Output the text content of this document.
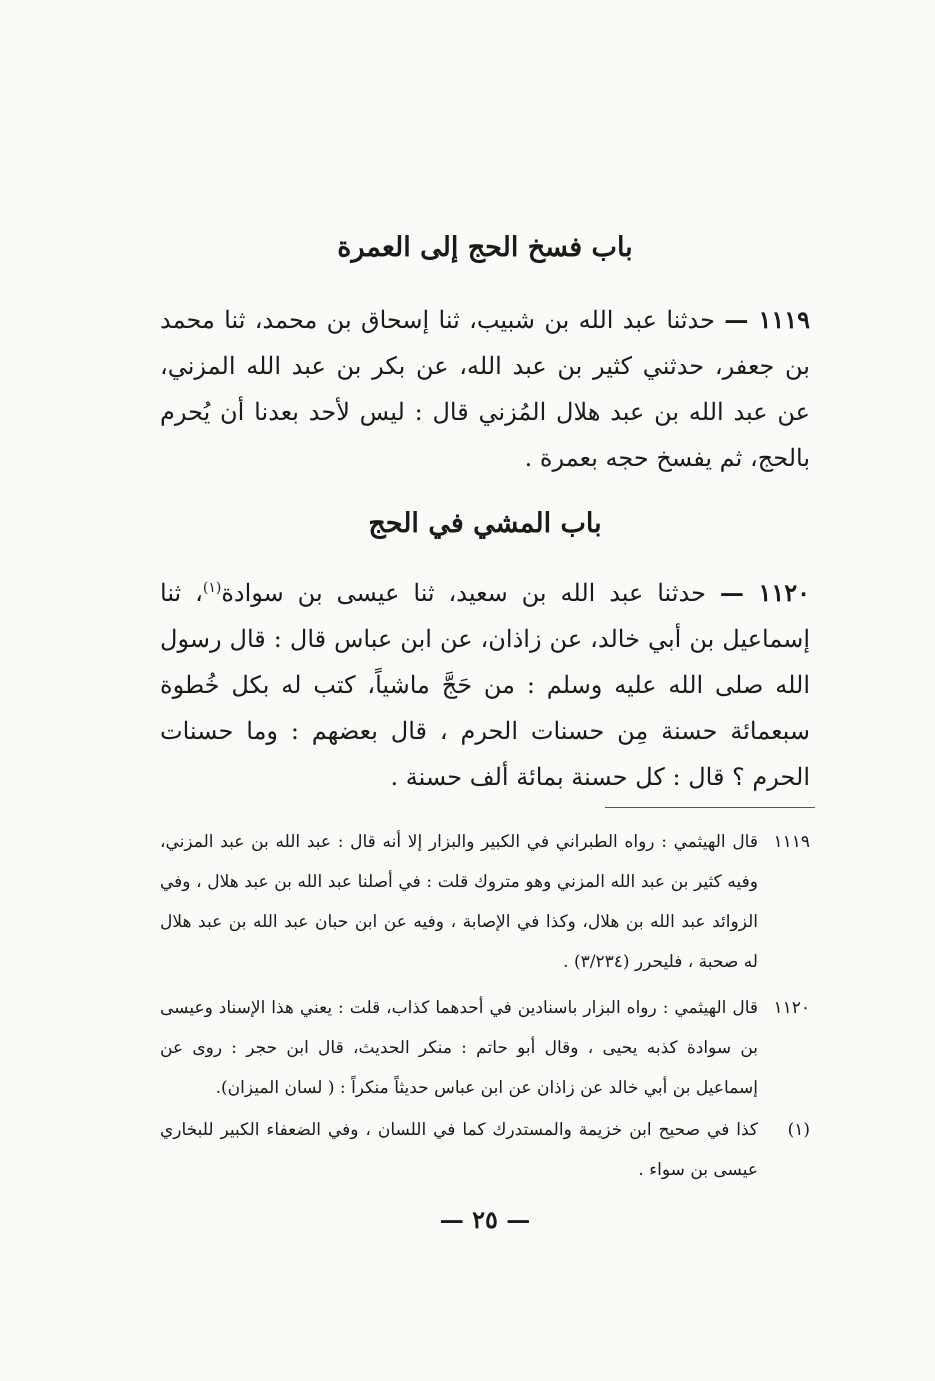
باب فسخ الحج إلى العمرة
١١١٩ — حدثنا عبد الله بن شبيب، ثنا إسحاق بن محمد، ثنا محمد بن جعفر، حدثني كثير بن عبد الله، عن بكر بن عبد الله المزني، عن عبد الله بن عبد هلال المُزني قال : ليس لأحد بعدنا أن يُحرم بالحج، ثم يفسخ حجه بعمرة .
باب المشي في الحج
١١٢٠ — حدثنا عبد الله بن سعيد، ثنا عيسى بن سوادة$^{(١)}$، ثنا إسماعيل بن أبي خالد، عن زاذان، عن ابن عباس قال : قال رسول الله صلى الله عليه وسلم : من حَجَّ ماشياً، كتب له بكل خُطوة سبعمائة حسنة مِن حسنات الحرم ، قال بعضهم : وما حسنات الحرم ؟ قال : كل حسنة بمائة ألف حسنة .
١١١٩
قال الهيثمي : رواه الطبراني في الكبير والبزار إلا أنه قال : عبد الله بن عبد المزني، وفيه كثير بن عبد الله المزني وهو متروك قلت : في أصلنا عبد الله بن عبد هلال ، وفي الزوائد عبد الله بن هلال، وكذا في الإصابة ، وفيه عن ابن حبان عبد الله بن عبد هلال له صحبة ، فليحرر (٣/٢٣٤) .
١١٢٠
قال الهيثمي : رواه البزار باسنادين في أحدهما كذاب، قلت : يعني هذا الإسناد وعيسى بن سوادة كذبه يحيى ، وقال أبو حاتم : منكر الحديث، قال ابن حجر : روى عن إسماعيل بن أبي خالد عن زاذان عن ابن عباس حديثاً منكراً : ( لسان الميزان).
(١)
كذا في صحيح ابن خزيمة والمستدرك كما في اللسان ، وفي الضعفاء الكبير للبخاري عيسى بن سواء .
— ٢٥ —
